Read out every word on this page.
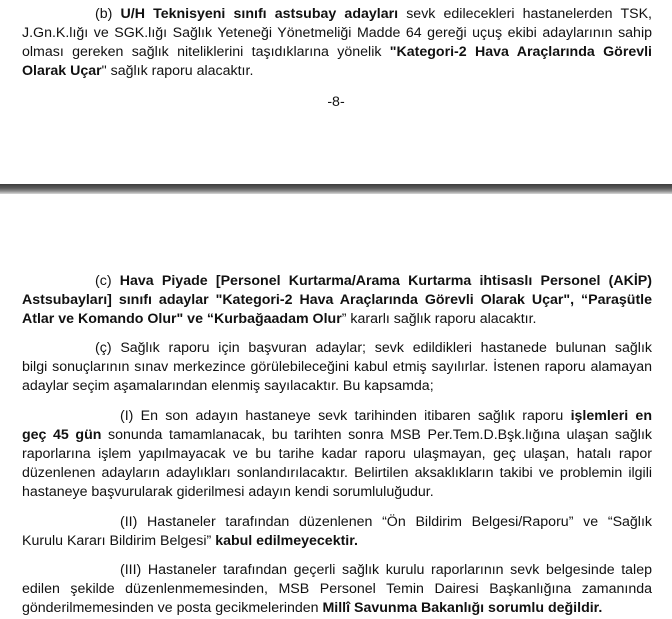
(b) U/H Teknisyeni sınıfı astsubay adayları sevk edilecekleri hastanelerden TSK,
J.Gn.K.lığı ve SGK.lığı Sağlık Yeteneği Yönetmeliği Madde 64 gereği uçuş ekibi adaylarının sahip
olması gereken sağlık niteliklerini taşıdıklarına yönelik "Kategori-2 Hava Araçlarında Görevli
Olarak Uçar" sağlık raporu alacaktır.
-8-
(c) Hava Piyade [Personel Kurtarma/Arama Kurtarma ihtisaslı Personel (AKİP)
Astsubayları] sınıfı adaylar "Kategori-2 Hava Araçlarında Görevli Olarak Uçar", “Paraşütle
Atlar ve Komando Olur" ve “Kurbağaadam Olur” kararlı sağlık raporu alacaktır.
(ç) Sağlık raporu için başvuran adaylar; sevk edildikleri hastanede bulunan sağlık
bilgi sonuçlarının sınav merkezince görülebileceğini kabul etmiş sayılırlar. İstenen raporu alamayan
adaylar seçim aşamalarından elenmiş sayılacaktır. Bu kapsamda;
(I) En son adayın hastaneye sevk tarihinden itibaren sağlık raporu işlemleri en
geç 45 gün sonunda tamamlanacak, bu tarihten sonra MSB Per.Tem.D.Bşk.lığına ulaşan sağlık
raporlarına işlem yapılmayacak ve bu tarihe kadar raporu ulaşmayan, geç ulaşan, hatalı rapor
düzenlenen adayların adaylıkları sonlandırılacaktır. Belirtilen aksaklıkların takibi ve problemin ilgili
hastaneye başvurularak giderilmesi adayın kendi sorumluluğudur.
(II) Hastaneler tarafından düzenlenen “Ön Bildirim Belgesi/Raporu” ve “Sağlık
Kurulu Kararı Bildirim Belgesi” kabul edilmeyecektir.
(III) Hastaneler tarafından geçerli sağlık kurulu raporlarının sevk belgesinde talep
edilen şekilde düzenlenmemesinden, MSB Personel Temin Dairesi Başkanlığına zamanında
gönderilmemesinden ve posta gecikmelerinden Millî Savunma Bakanlığı sorumlu değildir.
